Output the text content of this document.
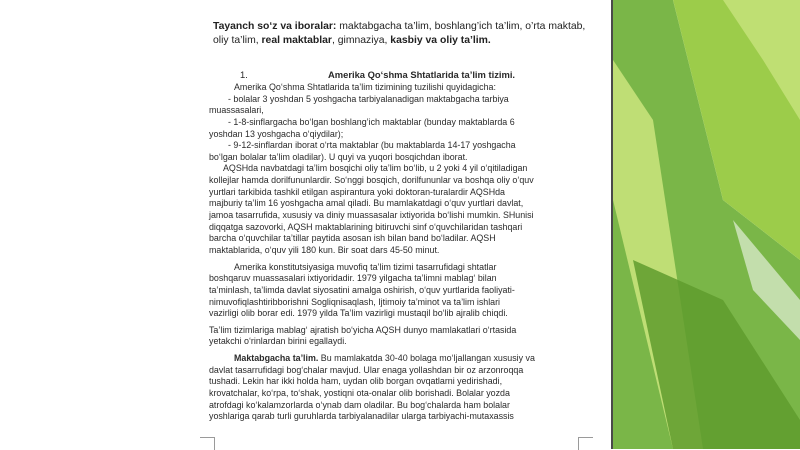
Tayanch so‘z va iboralar: maktabgacha ta’lim, boshlang’ich ta’lim, o’rta maktab, oliy ta’lim, real maktablar, gimnaziya, kasbiy va oliy ta’lim.
1.	Amerika Qo‘shma Shtatlarida ta’lim tizimi.
Amerika Qo‘shma Shtatlarida ta’lim tizimining tuzilishi quyidagicha:
- bolalar 3 yoshdan 5 yoshgacha tarbiyalanadigan maktabgacha tarbiya
muassasalari,
- 1-8-sinflargacha bo‘lgan boshlang’ich maktablar (bunday maktablarda 6
yoshdan 13 yoshgacha o‘qiydilar);
- 9-12-sinflardan iborat o‘rta maktablar (bu maktablarda 14-17 yoshgacha
bo‘lgan bolalar ta’lim oladilar). U quyi va yuqori bosqichdan iborat.
AQSHda navbatdagi ta’lim bosqichi oliy ta’lim bo‘lib, u 2 yoki 4 yil o‘qitiladigan
kollejlar hamda dorilfununlardir. So‘nggi bosqich, dorilfununlar va boshqa oliy o‘quv
yurtlari tarkibida tashkil etilgan aspirantura yoki doktoran-turalardir AQSHda
majburiy ta’lim 16 yoshgacha amal qiladi. Bu mamlakatdagi o‘quv yurtlari davlat,
jamoa tasarrufida, xususiy va diniy muassasalar ixtiyorida bo‘lishi mumkin. SHunisi
diqqatga sazovorki, AQSH maktablarining bitiruvchi sinf o‘quvchilaridan tashqari
barcha o‘quvchilar ta’tillar paytida asosan ish bilan band bo‘ladilar. AQSH
maktablarida, o‘quv yili 180 kun. Bir soat dars 45-50 minut.
Amerika konstitutsiyasiga muvofiq ta’lim tizimi tasarrufidagi shtatlar
boshqaruv muassasalari ixtiyoridadir. 1979 yilgacha ta’limni mablag‘ bilan
ta’minlash, ta’limda davlat siyosatini amalga oshirish, o‘quv yurtlarida faoliyati-
nimuvofiqlashtiribborishni Sogliqnisaqlash, Ijtimoiy ta’minot va ta’lim ishlari
vazirligi olib borar edi. 1979 yilda Ta’lim vazirligi mustaqil bo‘lib ajralib chiqdi.
Ta’lim tizimlariga mablag‘ ajratish bo‘yicha AQSH dunyo mamlakatlari o‘rtasida
yetakchi o‘rinlardan birini egallaydi.
Maktabgacha ta’lim. Bu mamlakatda 30-40 bolaga mo‘ljallangan xususiy va
davlat tasarrufidagi bog‘chalar mavjud. Ular enaga yollashdan bir oz arzonroqqa
tushadi. Lekin har ikki holda ham, uydan olib borgan ovqatlarni yedirishadi,
krovatchalar, ko‘rpa, to‘shak, yostiqni ota-onalar olib borishadi. Bolalar yozda
atrofdagi ko‘kalamzorlarda o‘ynab dam oladilar. Bu bog‘chalarda ham bolalar
yoshlariga qarab turli guruhlarda tarbiyalanadilar ularga tarbiyachi-mutaxassis
